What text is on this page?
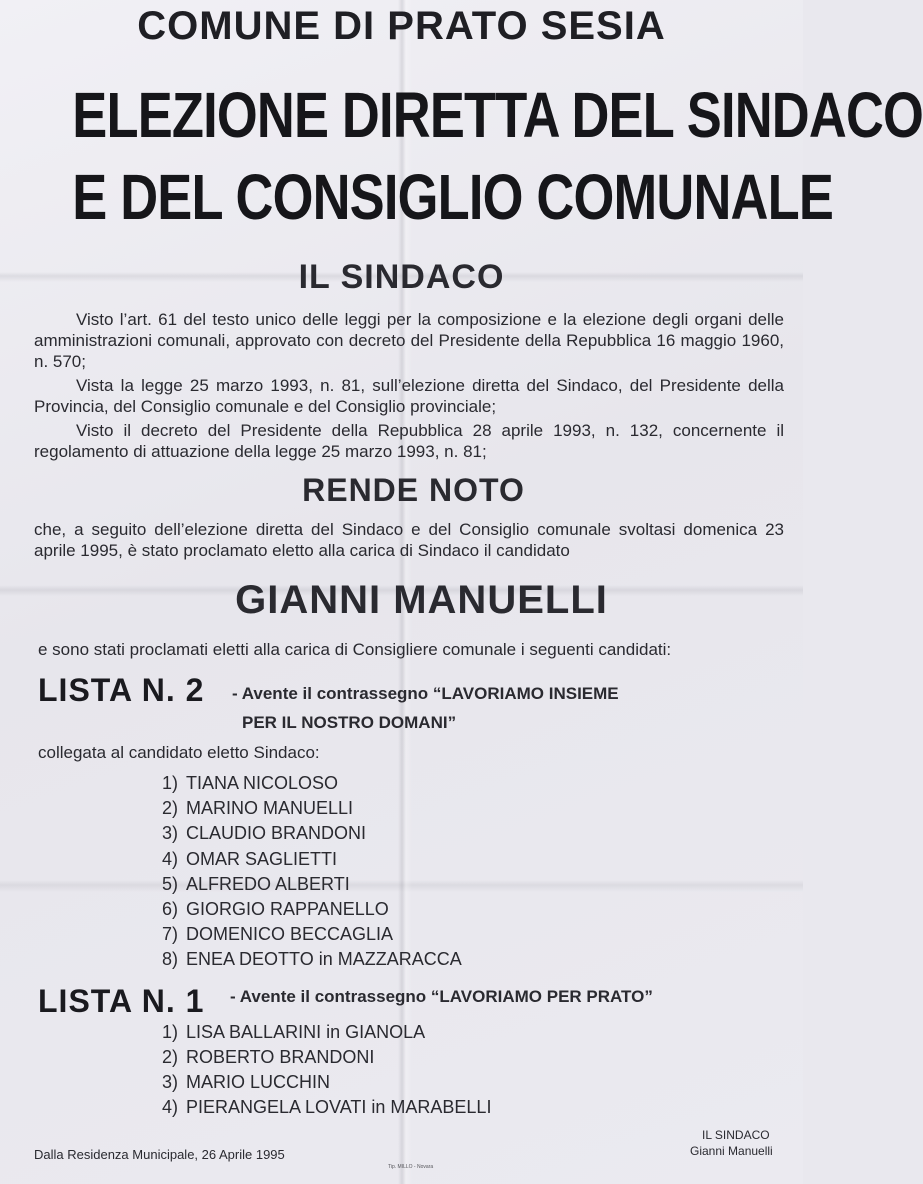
COMUNE DI PRATO SESIA
ELEZIONE DIRETTA DEL SINDACO
E DEL CONSIGLIO COMUNALE
IL SINDACO

Visto l’art. 61 del testo unico delle leggi per la composizione e la elezione degli organi delle amministrazioni comunali, approvato con decreto del Presidente della Repubblica 16 maggio 1960, n. 570;

Vista la legge 25 marzo 1993, n. 81, sull’elezione diretta del Sindaco, del Presidente della Provincia, del Consiglio comunale e del Consiglio provinciale;

Visto il decreto del Presidente della Repubblica 28 aprile 1993, n. 132, concernente il regolamento di attuazione della legge 25 marzo 1993, n. 81;

RENDE NOTO

che, a seguito dell’elezione diretta del Sindaco e del Consiglio comunale svoltasi domenica 23 aprile 1995, è stato proclamato eletto alla carica di Sindaco il candidato

GIANNI MANUELLI
e sono stati proclamati eletti alla carica di Consigliere comunale i seguenti candidati:
LISTA N. 2 - Avente il contrassegno “LAVORIAMO INSIEME
PER IL NOSTRO DOMANI”
collegata al candidato eletto Sindaco:
1) TIANA NICOLOSO
2) MARINO MANUELLI
3) CLAUDIO BRANDONI
4) OMAR SAGLIETTI
5) ALFREDO ALBERTI
6) GIORGIO RAPPANELLO
7) DOMENICO BECCAGLIA
8) ENEA DEOTTO in MAZZARACCA
LISTA N. 1 - Avente il contrassegno “LAVORIAMO PER PRATO”
1) LISA BALLARINI in GIANOLA
2) ROBERTO BRANDONI
3) MARIO LUCCHIN
4) PIERANGELA LOVATI in MARABELLI
Dalla Residenza Municipale, 26 Aprile 1995
IL SINDACO
Gianni Manuelli
Tip. MILLO - Novara
